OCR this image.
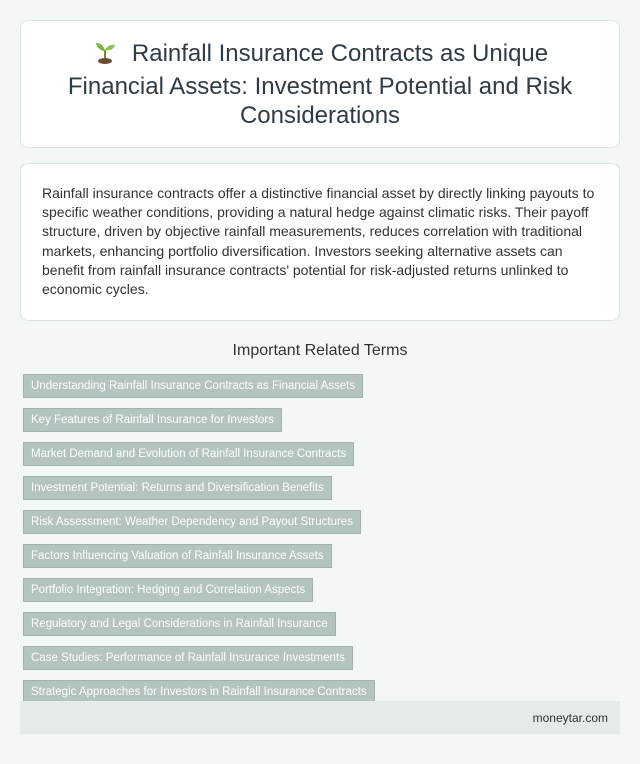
Rainfall Insurance Contracts as Unique Financial Assets: Investment Potential and Risk Considerations

Rainfall insurance contracts offer a distinctive financial asset by directly linking payouts to specific weather conditions, providing a natural hedge against climatic risks. Their payoff structure, driven by objective rainfall measurements, reduces correlation with traditional markets, enhancing portfolio diversification. Investors seeking alternative assets can benefit from rainfall insurance contracts' potential for risk-adjusted returns unlinked to economic cycles.

Important Related Terms
Understanding Rainfall Insurance Contracts as Financial Assets
Key Features of Rainfall Insurance for Investors
Market Demand and Evolution of Rainfall Insurance Contracts
Investment Potential: Returns and Diversification Benefits
Risk Assessment: Weather Dependency and Payout Structures
Factors Influencing Valuation of Rainfall Insurance Assets
Portfolio Integration: Hedging and Correlation Aspects
Regulatory and Legal Considerations in Rainfall Insurance
Case Studies: Performance of Rainfall Insurance Investments
Strategic Approaches for Investors in Rainfall Insurance Contracts
moneytar.com
